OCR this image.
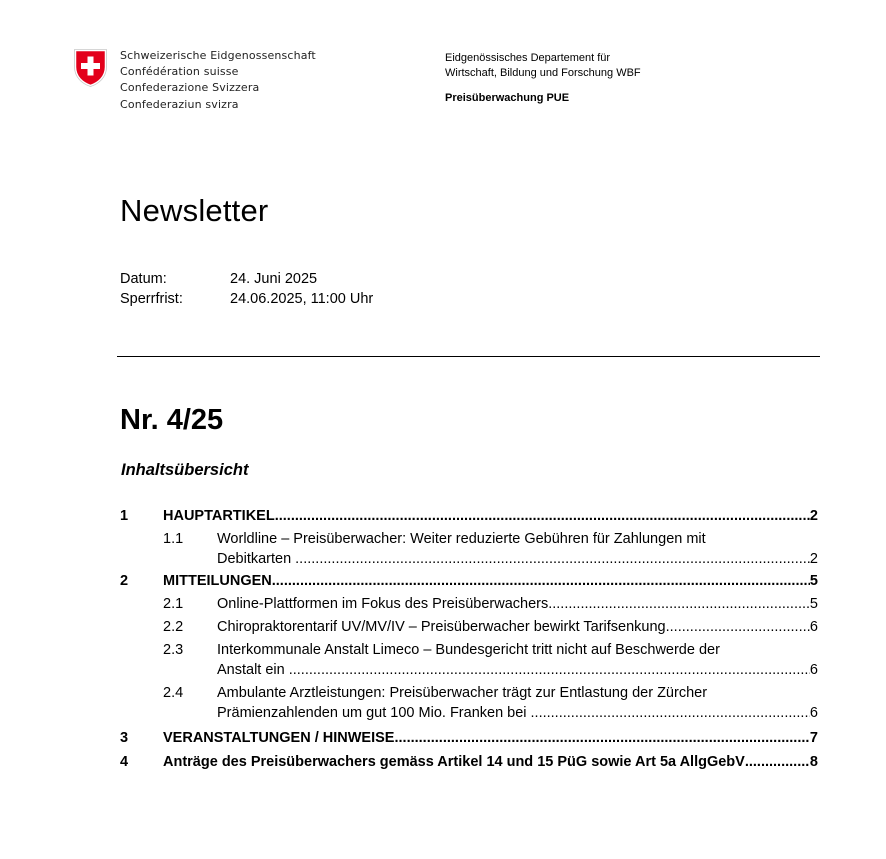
Schweizerische Eidgenossenschaft
Confédération suisse
Confederazione Svizzera
Confederaziun svizra
Eidgenössisches Departement für
Wirtschaft, Bildung und Forschung WBF
Preisüberwachung PUE
Newsletter
Datum:	24. Juni 2025
Sperrfrist:	24.06.2025, 11:00 Uhr
Nr. 4/25
Inhaltsübersicht
1	HAUPTARTIKEL .....	2
1.1	Worldline – Preisüberwacher: Weiter reduzierte Gebühren für Zahlungen mit
Debitkarten .....	2
2	MITTEILUNGEN .....	5
2.1	Online-Plattformen im Fokus des Preisüberwachers .....	5
2.2	Chiropraktorentarif UV/MV/IV – Preisüberwacher bewirkt Tarifsenkung .....	6
2.3	Interkommunale Anstalt Limeco – Bundesgericht tritt nicht auf Beschwerde der
Anstalt ein .....	6
2.4	Ambulante Arztleistungen: Preisüberwacher trägt zur Entlastung der Zürcher
Prämienzahlenden um gut 100 Mio. Franken bei .....	6
3	VERANSTALTUNGEN / HINWEISE .....	7
4	Anträge des Preisüberwachers gemäss Artikel 14 und 15 PüG sowie Art 5a AllgGebV .....	8
